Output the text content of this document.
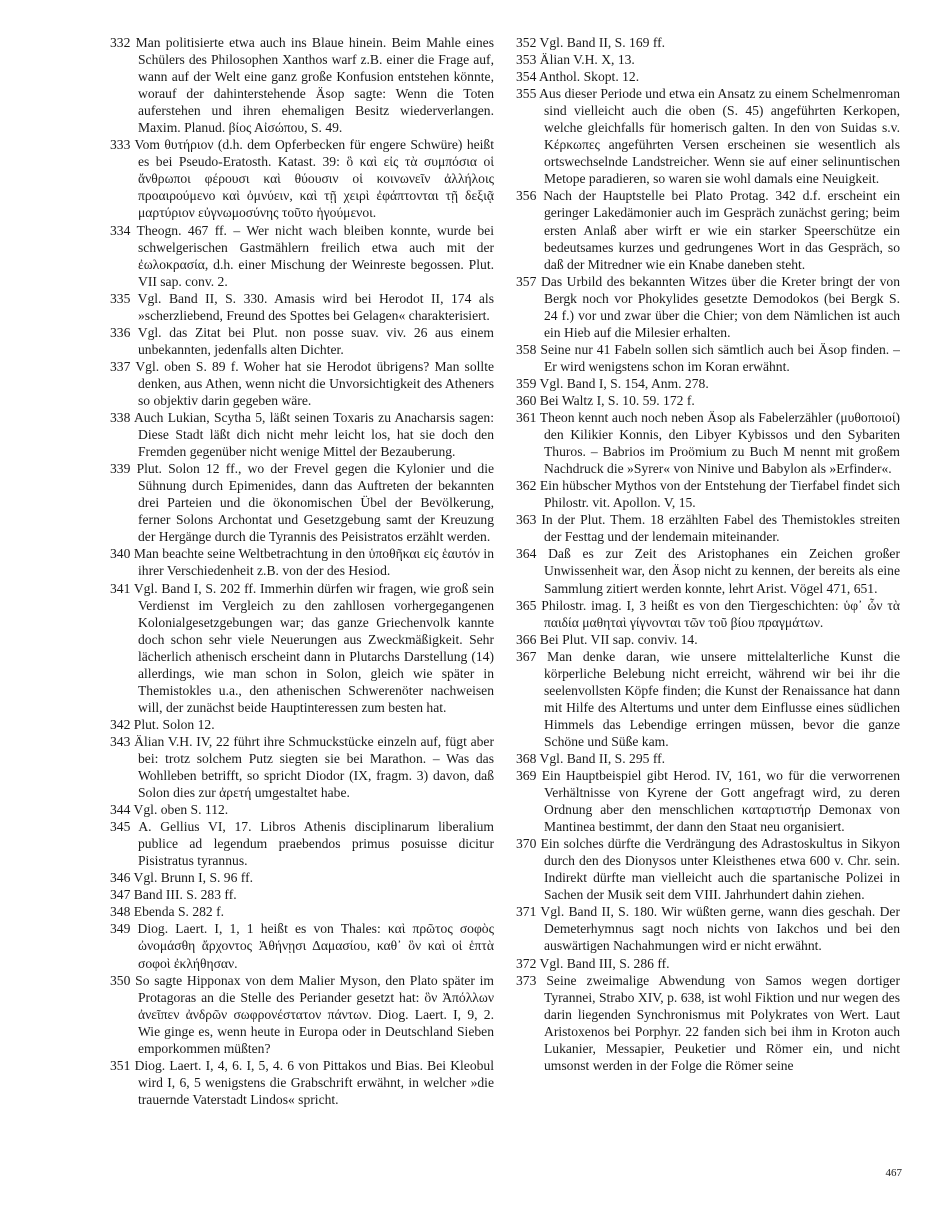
332 Man politisierte etwa auch ins Blaue hinein. Beim Mahle eines Schülers des Philosophen Xanthos warf z.B. einer die Frage auf, wann auf der Welt eine ganz große Konfusion entstehen könnte, worauf der dahinterstehende Äsop sagte: Wenn die Toten auferstehen und ihren ehemaligen Besitz wiederverlangen. Maxim. Planud. βίος Αἰσώπου, S. 49.

333 Vom θυτήριον (d.h. dem Opferbecken für engere Schwüre) heißt es bei Pseudo-Eratosth. Katast. 39: ὃ καὶ εἰς τὰ συμπόσια οἱ ἄνθρωποι φέρουσι καὶ θύουσιν οἱ κοινωνεῖν ἀλλήλοις προαιρούμενο καὶ ὀμνύειν, καὶ τῇ χειρὶ ἐφάπτονται τῇ δεξιᾷ μαρτύριον εὐγνωμοσύνης τοῦτο ἡγούμενοι.

334 Theogn. 467 ff. – Wer nicht wach bleiben konnte, wurde bei schwelgerischen Gastmählern freilich etwa auch mit der ἐωλοκρασία, d.h. einer Mischung der Weinreste begossen. Plut. VII sap. conv. 2.

335 Vgl. Band II, S. 330. Amasis wird bei Herodot II, 174 als »scherzliebend, Freund des Spottes bei Gelagen« charakterisiert.

336 Vgl. das Zitat bei Plut. non posse suav. viv. 26 aus einem unbekannten, jedenfalls alten Dichter.

337 Vgl. oben S. 89 f. Woher hat sie Herodot übrigens? Man sollte denken, aus Athen, wenn nicht die Unvorsichtigkeit des Atheners so objektiv darin gegeben wäre.

338 Auch Lukian, Scytha 5, läßt seinen Toxaris zu Anacharsis sagen: Diese Stadt läßt dich nicht mehr leicht los, hat sie doch den Fremden gegenüber nicht wenige Mittel der Bezauberung.

339 Plut. Solon 12 ff., wo der Frevel gegen die Kylonier und die Sühnung durch Epimenides, dann das Auftreten der bekannten drei Parteien und die ökonomischen Übel der Bevölkerung, ferner Solons Archontat und Gesetzgebung samt der Kreuzung der Hergänge durch die Tyrannis des Peisistratos erzählt werden.

340 Man beachte seine Weltbetrachtung in den ὑποθῆκαι εἰς ἑαυτόν in ihrer Verschiedenheit z.B. von der des Hesiod.

341 Vgl. Band I, S. 202 ff. Immerhin dürfen wir fragen, wie groß sein Verdienst im Vergleich zu den zahllosen vorhergegangenen Kolonialgesetzgebungen war; das ganze Griechenvolk kannte doch schon sehr viele Neuerungen aus Zweckmäßigkeit. Sehr lächerlich athenisch erscheint dann in Plutarchs Darstellung (14) allerdings, wie man schon in Solon, gleich wie später in Themistokles u.a., den athenischen Schwerenöter nachweisen will, der zunächst beide Hauptinteressen zum besten hat.

342 Plut. Solon 12.

343 Älian V.H. IV, 22 führt ihre Schmuckstücke einzeln auf, fügt aber bei: trotz solchem Putz siegten sie bei Marathon. – Was das Wohlleben betrifft, so spricht Diodor (IX, fragm. 3) davon, daß Solon dies zur ἀρετή umgestaltet habe.

344 Vgl. oben S. 112.

345 A. Gellius VI, 17. Libros Athenis disciplinarum liberalium publice ad legendum praebendos primus posuisse dicitur Pisistratus tyrannus.

346 Vgl. Brunn I, S. 96 ff.

347 Band III. S. 283 ff.

348 Ebenda S. 282 f.

349 Diog. Laert. I, 1, 1 heißt es von Thales: καὶ πρῶτος σοφὸς ὠνομάσθη ἄρχοντος Ἀθήνῃσι Δαμασίου, καθ᾽ ὃν καὶ οἱ ἑπτὰ σοφοὶ ἐκλήθησαν.

350 So sagte Hipponax von dem Malier Myson, den Plato später im Protagoras an die Stelle des Periander gesetzt hat: ὃν Ἀπόλλων ἀνεῖπεν ἀνδρῶν σωφρονέστατον πάντων. Diog. Laert. I, 9, 2. Wie ginge es, wenn heute in Europa oder in Deutschland Sieben emporkommen müßten?

351 Diog. Laert. I, 4, 6. I, 5, 4. 6 von Pittakos und Bias. Bei Kleobul wird I, 6, 5 wenigstens die Grabschrift erwähnt, in welcher »die trauernde Vaterstadt Lindos« spricht.

352 Vgl. Band II, S. 169 ff.

353 Älian V.H. X, 13.

354 Anthol. Skopt. 12.

355 Aus dieser Periode und etwa ein Ansatz zu einem Schelmenroman sind vielleicht auch die oben (S. 45) angeführten Kerkopen, welche gleichfalls für homerisch galten. In den von Suidas s.v. Κέρκωπες angeführten Versen erscheinen sie wesentlich als ortswechselnde Landstreicher. Wenn sie auf einer selinuntischen Metope paradieren, so waren sie wohl damals eine Neuigkeit.

356 Nach der Hauptstelle bei Plato Protag. 342 d.f. erscheint ein geringer Lakedämonier auch im Gespräch zunächst gering; beim ersten Anlaß aber wirft er wie ein starker Speerschütze ein bedeutsames kurzes und gedrungenes Wort in das Gespräch, so daß der Mitredner wie ein Knabe daneben steht.

357 Das Urbild des bekannten Witzes über die Kreter bringt der von Bergk noch vor Phokylides gesetzte Demodokos (bei Bergk S. 24 f.) vor und zwar über die Chier; von dem Nämlichen ist auch ein Hieb auf die Milesier erhalten.

358 Seine nur 41 Fabeln sollen sich sämtlich auch bei Äsop finden. – Er wird wenigstens schon im Koran erwähnt.

359 Vgl. Band I, S. 154, Anm. 278.

360 Bei Waltz I, S. 10. 59. 172 f.

361 Theon kennt auch noch neben Äsop als Fabelerzähler (μυθοποιοί) den Kilikier Konnis, den Libyer Kybissos und den Sybariten Thuros. – Babrios im Proömium zu Buch M nennt mit großem Nachdruck die »Syrer« von Ninive und Babylon als »Erfinder«.

362 Ein hübscher Mythos von der Entstehung der Tierfabel findet sich Philostr. vit. Apollon. V, 15.

363 In der Plut. Them. 18 erzählten Fabel des Themistokles streiten der Festtag und der lendemain miteinander.

364 Daß es zur Zeit des Aristophanes ein Zeichen großer Unwissenheit war, den Äsop nicht zu kennen, der bereits als eine Sammlung zitiert werden konnte, lehrt Arist. Vögel 471, 651.

365 Philostr. imag. I, 3 heißt es von den Tiergeschichten: ὑφ᾽ ὧν τὰ παιδία μαθηταὶ γίγνονται τῶν τοῦ βίου πραγμάτων.

366 Bei Plut. VII sap. conviv. 14.

367 Man denke daran, wie unsere mittelalterliche Kunst die körperliche Belebung nicht erreicht, während wir bei ihr die seelenvollsten Köpfe finden; die Kunst der Renaissance hat dann mit Hilfe des Altertums und unter dem Einflusse eines südlichen Himmels das Lebendige erringen müssen, bevor die ganze Schöne und Süße kam.

368 Vgl. Band II, S. 295 ff.

369 Ein Hauptbeispiel gibt Herod. IV, 161, wo für die verworrenen Verhältnisse von Kyrene der Gott angefragt wird, zu deren Ordnung aber den menschlichen καταρτιστήρ Demonax von Mantinea bestimmt, der dann den Staat neu organisiert.

370 Ein solches dürfte die Verdrängung des Adrastoskultus in Sikyon durch den des Dionysos unter Kleisthenes etwa 600 v. Chr. sein. Indirekt dürfte man vielleicht auch die spartanische Polizei in Sachen der Musik seit dem VIII. Jahrhundert dahin ziehen.

371 Vgl. Band II, S. 180. Wir wüßten gerne, wann dies geschah. Der Demeterhymnus sagt noch nichts von Iakchos und bei den auswärtigen Nachahmungen wird er nicht erwähnt.

372 Vgl. Band III, S. 286 ff.

373 Seine zweimalige Abwendung von Samos wegen dortiger Tyrannei, Strabo XIV, p. 638, ist wohl Fiktion und nur wegen des darin liegenden Synchronismus mit Polykrates von Wert. Laut Aristoxenos bei Porphyr. 22 fanden sich bei ihm in Kroton auch Lukanier, Messapier, Peuketier und Römer ein, und nicht umsonst werden in der Folge die Römer seine

467
